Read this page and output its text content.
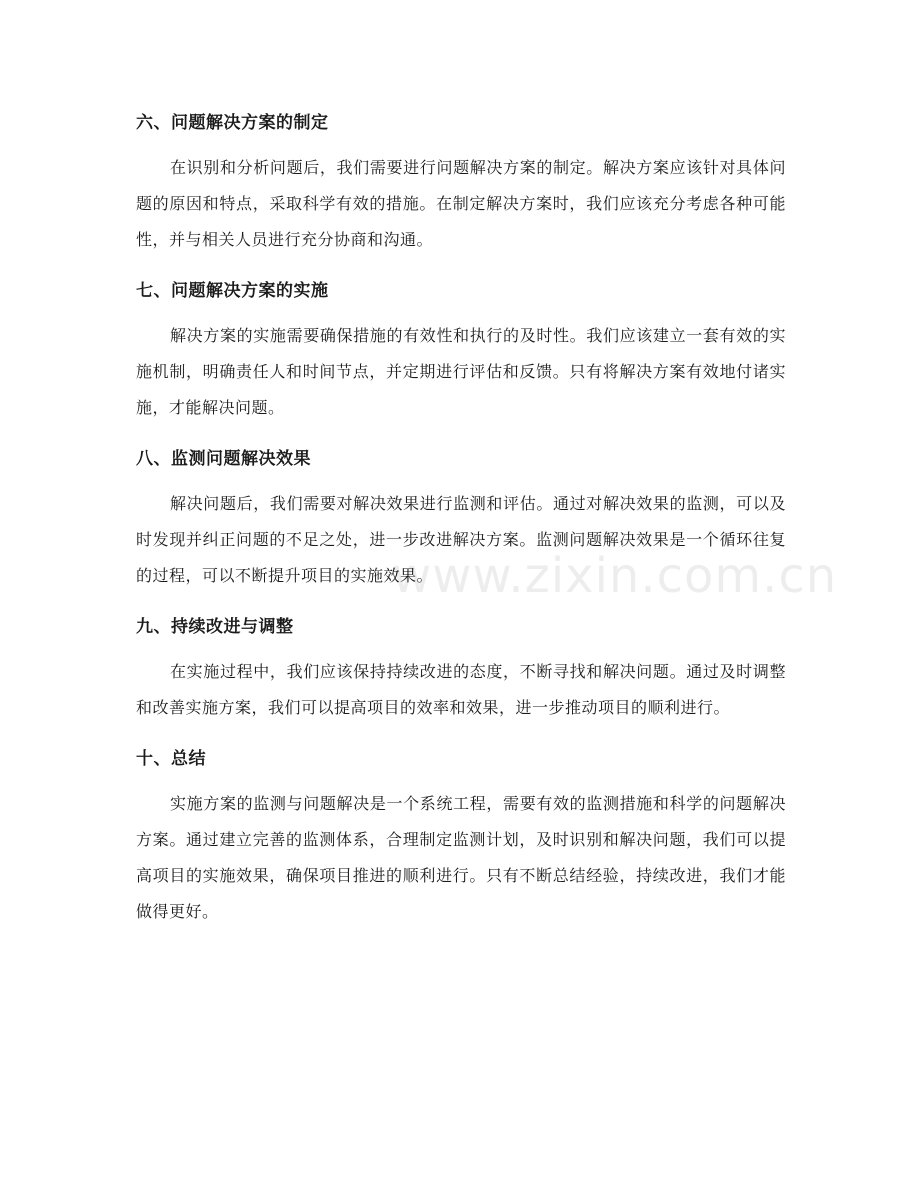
六、问题解决方案的制定

在识别和分析问题后，我们需要进行问题解决方案的制定。解决方案应该针对具体问题的原因和特点，采取科学有效的措施。在制定解决方案时，我们应该充分考虑各种可能性，并与相关人员进行充分协商和沟通。

七、问题解决方案的实施

解决方案的实施需要确保措施的有效性和执行的及时性。我们应该建立一套有效的实施机制，明确责任人和时间节点，并定期进行评估和反馈。只有将解决方案有效地付诸实施，才能解决问题。

八、监测问题解决效果

解决问题后，我们需要对解决效果进行监测和评估。通过对解决效果的监测，可以及时发现并纠正问题的不足之处，进一步改进解决方案。监测问题解决效果是一个循环往复的过程，可以不断提升项目的实施效果。

九、持续改进与调整

在实施过程中，我们应该保持持续改进的态度，不断寻找和解决问题。通过及时调整和改善实施方案，我们可以提高项目的效率和效果，进一步推动项目的顺利进行。

十、总结

实施方案的监测与问题解决是一个系统工程，需要有效的监测措施和科学的问题解决方案。通过建立完善的监测体系，合理制定监测计划，及时识别和解决问题，我们可以提高项目的实施效果，确保项目推进的顺利进行。只有不断总结经验，持续改进，我们才能做得更好。

www.zixin.com.cn
